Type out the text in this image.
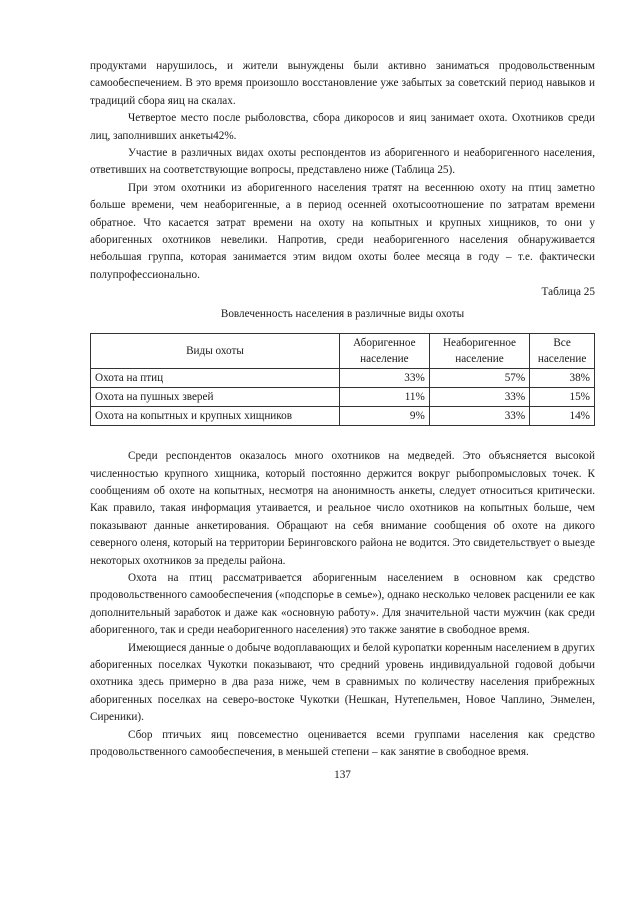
продуктами нарушилось, и жители вынуждены были активно заниматься продовольственным самообеспечением. В это время произошло восстановление уже забытых за советский период навыков и традиций сбора яиц на скалах.

Четвертое место после рыболовства, сбора дикоросов и яиц занимает охота. Охотников среди лиц, заполнивших анкеты42%.

Участие в различных видах охоты респондентов из аборигенного и неаборигенного населения, ответивших на соответствующие вопросы, представлено ниже (Таблица 25).

При этом охотники из аборигенного населения тратят на весеннюю охоту на птиц заметно больше времени, чем неаборигенные, а в период осенней охотысоотношение по затратам времени обратное. Что касается затрат времени на охоту на копытных и крупных хищников, то они у аборигенных охотников невелики. Напротив, среди неаборигенного населения обнаруживается небольшая группа, которая занимается этим видом охоты более месяца в году – т.е. фактически полупрофессионально.

Таблица 25

Вовлеченность населения в различные виды охоты

Виды охоты	Аборигенное население	Неаборигенное население	Все население
Охота на птиц	33%	57%	38%
Охота на пушных зверей	11%	33%	15%
Охота на копытных и крупных хищников	9%	33%	14%

Среди респондентов оказалось много охотников на медведей. Это объясняется высокой численностью крупного хищника, который постоянно держится вокруг рыбопромысловых точек. К сообщениям об охоте на копытных, несмотря на анонимность анкеты, следует относиться критически. Как правило, такая информация утаивается, и реальное число охотников на копытных больше, чем показывают данные анкетирования. Обращают на себя внимание сообщения об охоте на дикого северного оленя, который на территории Беринговского района не водится. Это свидетельствует о выезде некоторых охотников за пределы района.

Охота на птиц рассматривается аборигенным населением в основном как средство продовольственного самообеспечения («подспорье в семье»), однако несколько человек расценили ее как дополнительный заработок и даже как «основную работу». Для значительной части мужчин (как среди аборигенного, так и среди неаборигенного населения) это также занятие в свободное время.

Имеющиеся данные о добыче водоплавающих и белой куропатки коренным населением в других аборигенных поселках Чукотки показывают, что средний уровень индивидуальной годовой добычи охотника здесь примерно в два раза ниже, чем в сравнимых по количеству населения прибрежных аборигенных поселках на северо-востоке Чукотки (Нешкан, Нутепельмен, Новое Чаплино, Энмелен, Сиреники).

Сбор птичьих яиц повсеместно оценивается всеми группами населения как средство продовольственного самообеспечения, в меньшей степени – как занятие в свободное время.

137
